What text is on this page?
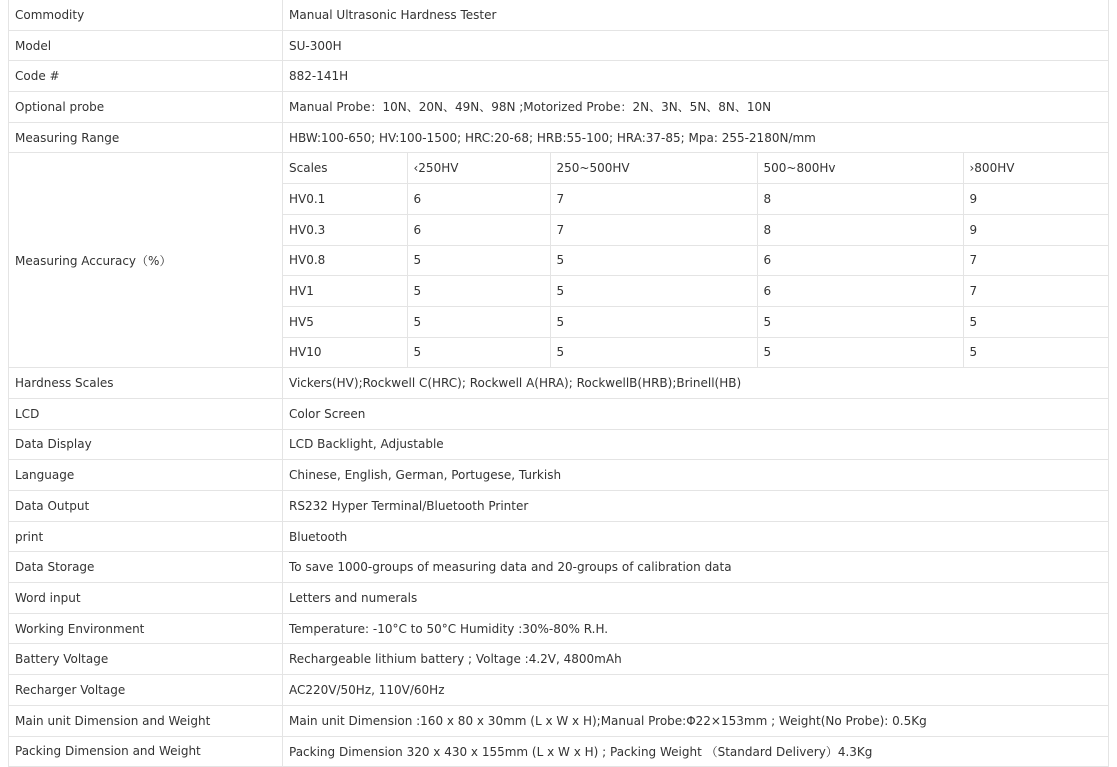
Commodity	Manual Ultrasonic Hardness Tester
Model	SU-300H
Code #	882-141H
Optional probe	Manual Probe：10N、20N、49N、98N ;Motorized Probe：2N、3N、5N、8N、10N
Measuring Range	HBW:100-650; HV:100-1500; HRC:20-68; HRB:55-100; HRA:37-85; Mpa: 255-2180N/mm
Measuring Accuracy（%）	
Scales	‹250HV	250~500HV	500~800Hv	›800HV
HV0.1	6	7	8	9
HV0.3	6	7	8	9
HV0.8	5	5	6	7
HV1	5	5	6	7
HV5	5	5	5	5
HV10	5	5	5	5

Hardness Scales	Vickers(HV);Rockwell C(HRC); Rockwell A(HRA); RockwellB(HRB);Brinell(HB)
LCD	Color Screen
Data Display	LCD Backlight, Adjustable
Language	Chinese, English, German, Portugese, Turkish
Data Output	RS232 Hyper Terminal/Bluetooth Printer
print	Bluetooth
Data Storage	To save 1000-groups of measuring data and 20-groups of calibration data
Word input	Letters and numerals
Working Environment	Temperature: -10°C to 50°C Humidity :30%-80% R.H.
Battery Voltage	Rechargeable lithium battery ; Voltage :4.2V, 4800mAh
Recharger Voltage	AC220V/50Hz, 110V/60Hz
Main unit Dimension and Weight	Main unit Dimension :160 x 80 x 30mm (L x W x H);Manual Probe:Φ22×153mm ; Weight(No Probe): 0.5Kg
Packing Dimension and Weight	Packing Dimension 320 x 430 x 155mm (L x W x H) ; Packing Weight （Standard Delivery）4.3Kg
